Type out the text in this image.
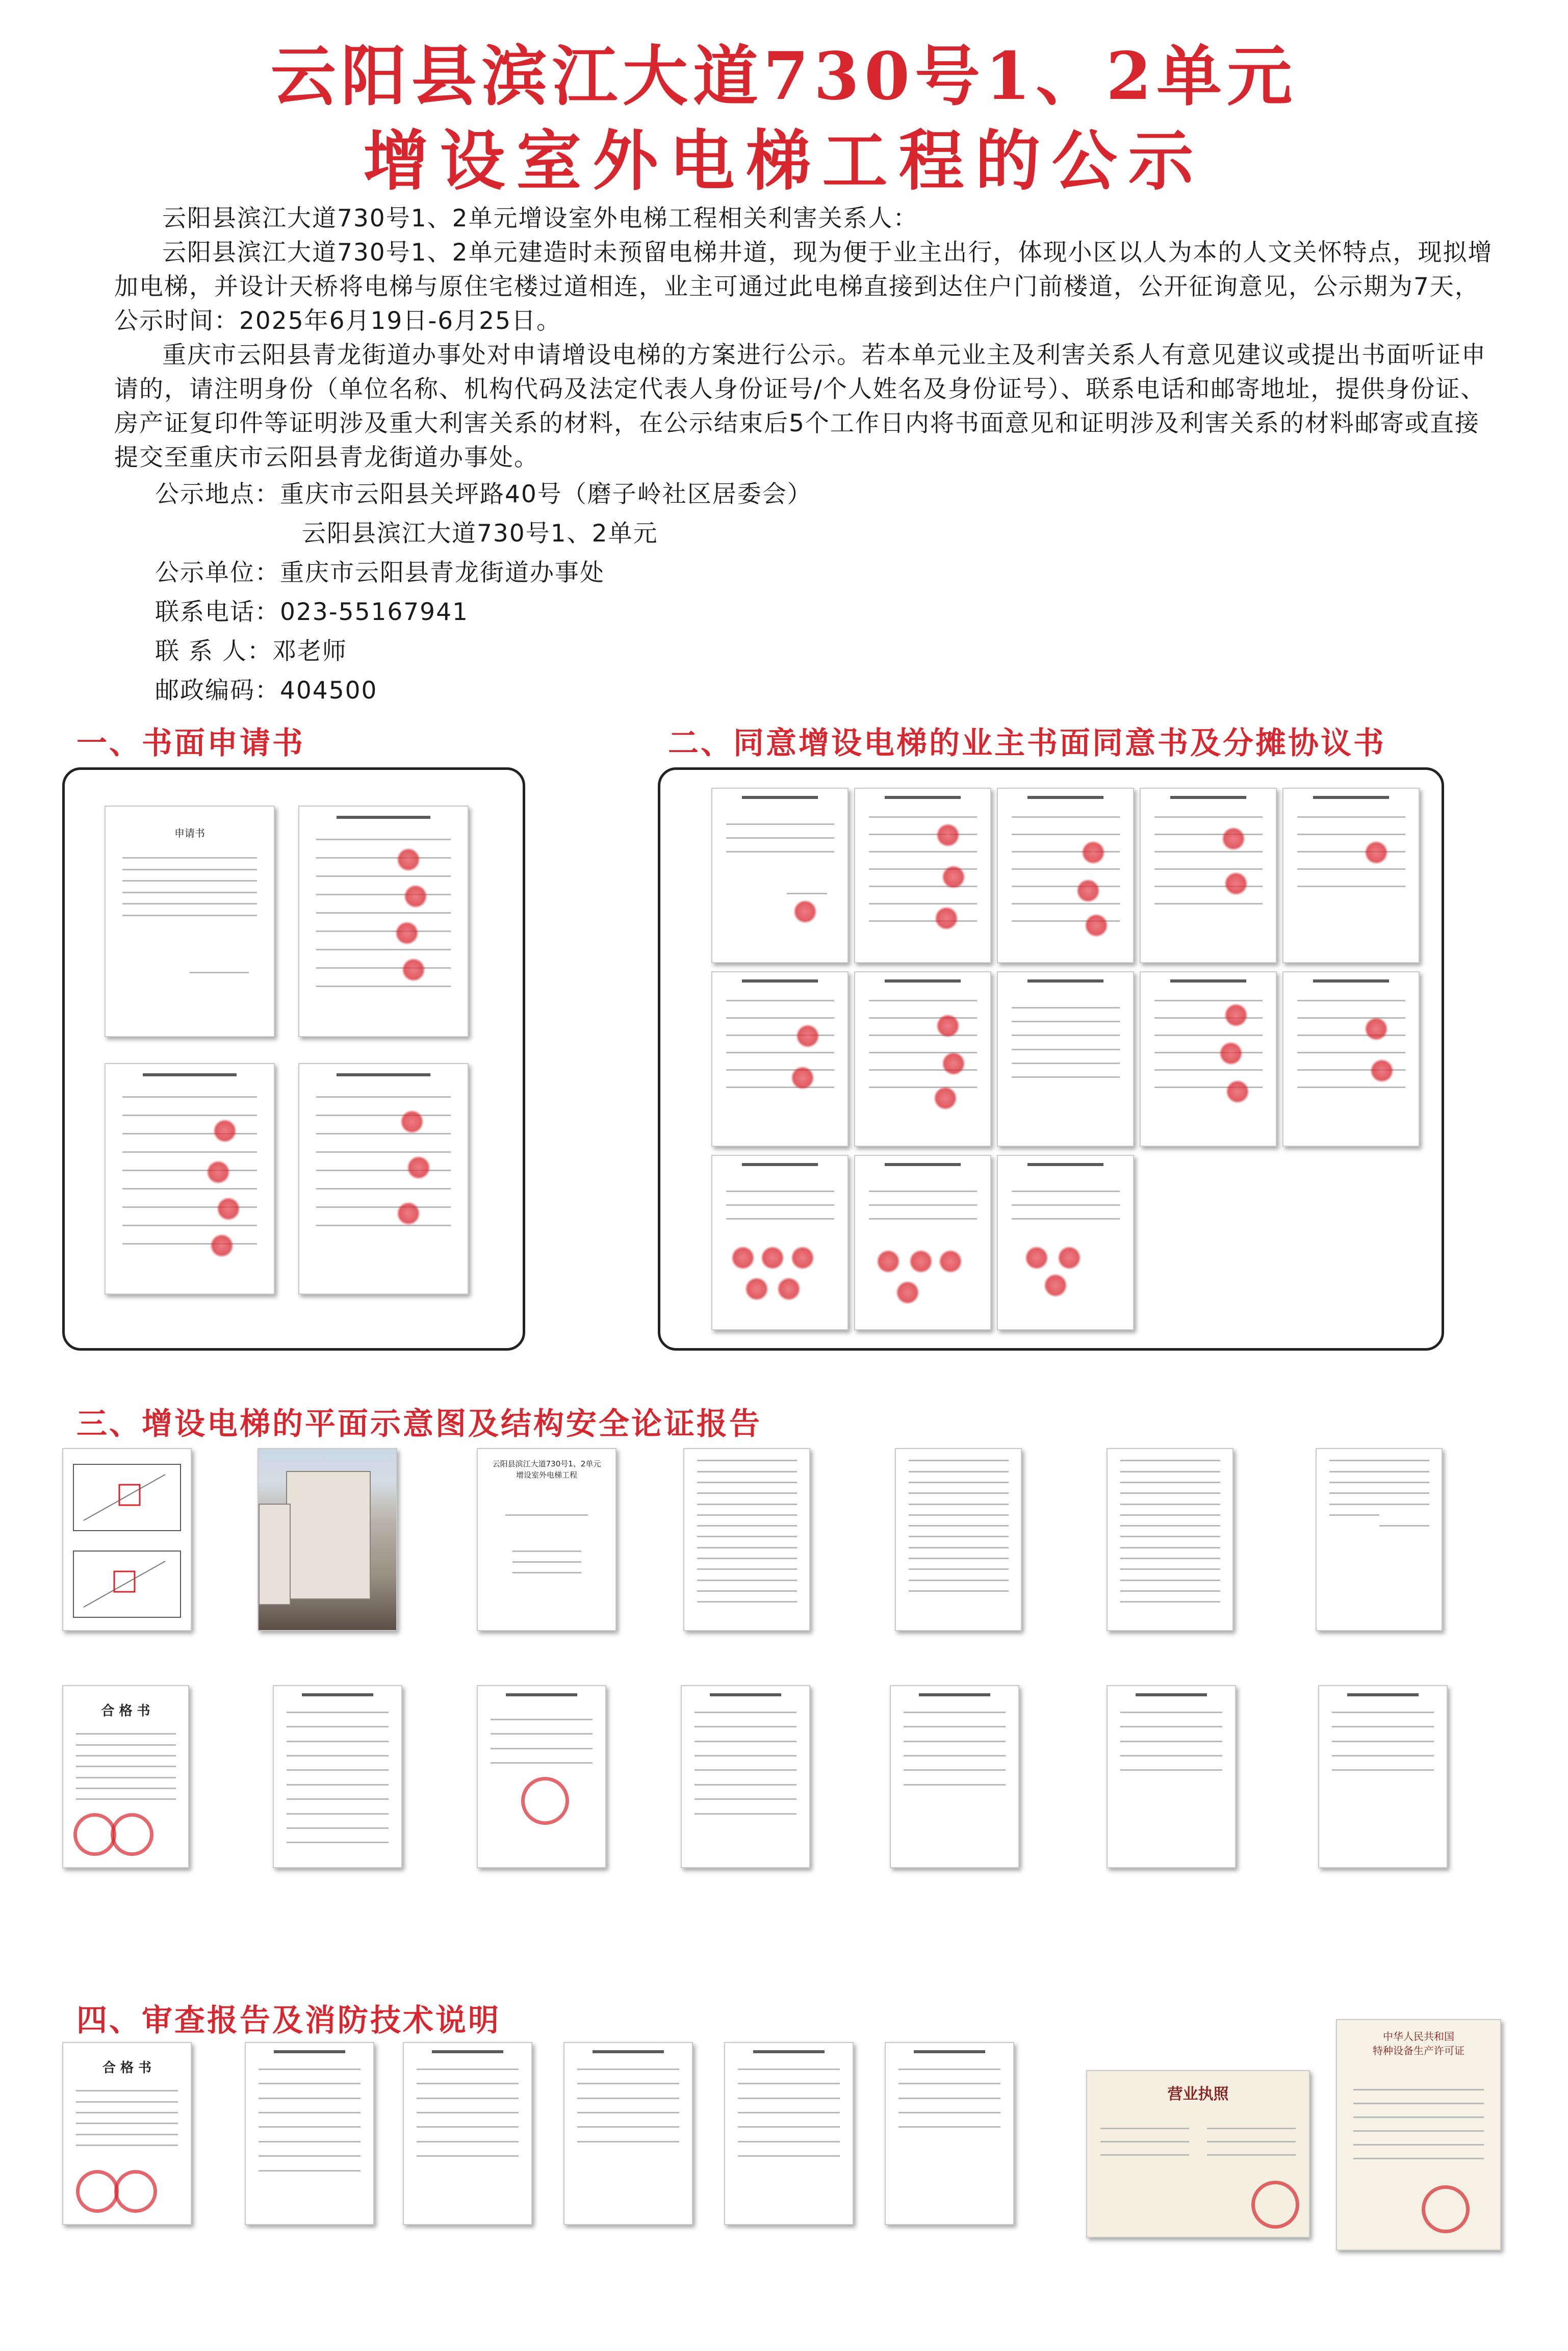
云阳县滨江大道730号1、2单元
增设室外电梯工程的公示

云阳县滨江大道730号1、2单元增设室外电梯工程相关利害关系人：

云阳县滨江大道730号1、2单元建造时未预留电梯井道，现为便于业主出行，体现小区以人为本的人文关怀特点，现拟增加电梯，并设计天桥将电梯与原住宅楼过道相连，业主可通过此电梯直接到达住户门前楼道，公开征询意见，公示期为7天，公示时间：2025年6月19日-6月25日。

重庆市云阳县青龙街道办事处对申请增设电梯的方案进行公示。若本单元业主及利害关系人有意见建议或提出书面听证申请的，请注明身份（单位名称、机构代码及法定代表人身份证号/个人姓名及身份证号）、联系电话和邮寄地址，提供身份证、房产证复印件等证明涉及重大利害关系的材料，在公示结束后5个工作日内将书面意见和证明涉及利害关系的材料邮寄或直接提交至重庆市云阳县青龙街道办事处。

公示地点：重庆市云阳县关坪路40号（磨子岭社区居委会）
云阳县滨江大道730号1、2单元
公示单位：重庆市云阳县青龙街道办事处
联系电话：023-55167941
联 系 人：邓老师
邮政编码：404500
一、书面申请书	二、同意增设电梯的业主书面同意书及分摊协议书
三、增设电梯的平面示意图及结构安全论证报告
四、审查报告及消防技术说明
申请书
云阳县滨江大道730号1、2单元
增设室外电梯工程
合 格 书
合 格 书
营业执照
中华人民共和国
特种设备生产许可证
